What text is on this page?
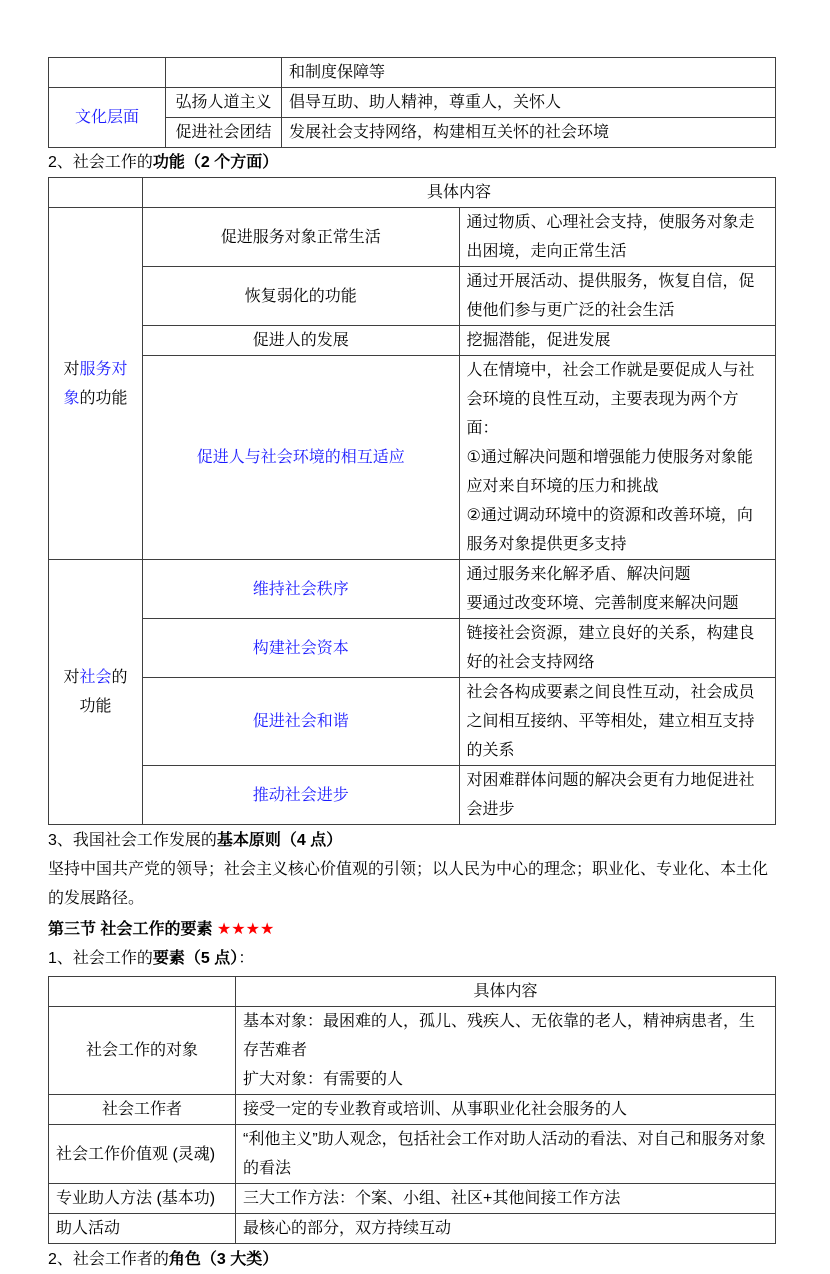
		和制度保障等
文化层面	弘扬人道主义	倡导互助、助人精神，尊重人，关怀人
	促进社会团结	发展社会支持网络，构建相互关怀的社会环境
2、社会工作的功能（2 个方面）
	具体内容	
对服务对象的功能	促进服务对象正常生活	通过物质、心理社会支持，使服务对象走出困境，走向正常生活

	恢复弱化的功能	通过开展活动、提供服务，恢复自信，促使他们参与更广泛的社会生活

	促进人的发展	挖掘潜能，促进发展

	促进人与社会环境的相互适应	人在情境中，社会工作就是要促成人与社会环境的良性互动，主要表现为两个方面：
①通过解决问题和增强能力使服务对象能应对来自环境的压力和挑战
②通过调动环境中的资源和改善环境，向服务对象提供更多支持

对社会的功能	维持社会秩序	通过服务来化解矛盾、解决问题
要通过改变环境、完善制度来解决问题

	构建社会资本	链接社会资源，建立良好的关系，构建良好的社会支持网络

	促进社会和谐	社会各构成要素之间良性互动，社会成员之间相互接纳、平等相处，建立相互支持的关系

	推动社会进步	对困难群体问题的解决会更有力地促进社会进步
3、我国社会工作发展的基本原则（4 点）
坚持中国共产党的领导；社会主义核心价值观的引领；以人民为中心的理念；职业化、专业化、本土化的发展路径。
第三节 社会工作的要素 ★★★★
1、社会工作的要素（5 点）：
	具体内容
社会工作的对象	基本对象：最困难的人，孤儿、残疾人、无依靠的老人，精神病患者，生存苦难者
扩大对象：有需要的人

社会工作者	接受一定的专业教育或培训、从事职业化社会服务的人

社会工作价值观 (灵魂)	“利他主义”助人观念，包括社会工作对助人活动的看法、对自己和服务对象的看法

专业助人方法 (基本功)	三大工作方法：个案、小组、社区+其他间接工作方法

助人活动	最核心的部分，双方持续互动
2、社会工作者的角色（3 大类）
